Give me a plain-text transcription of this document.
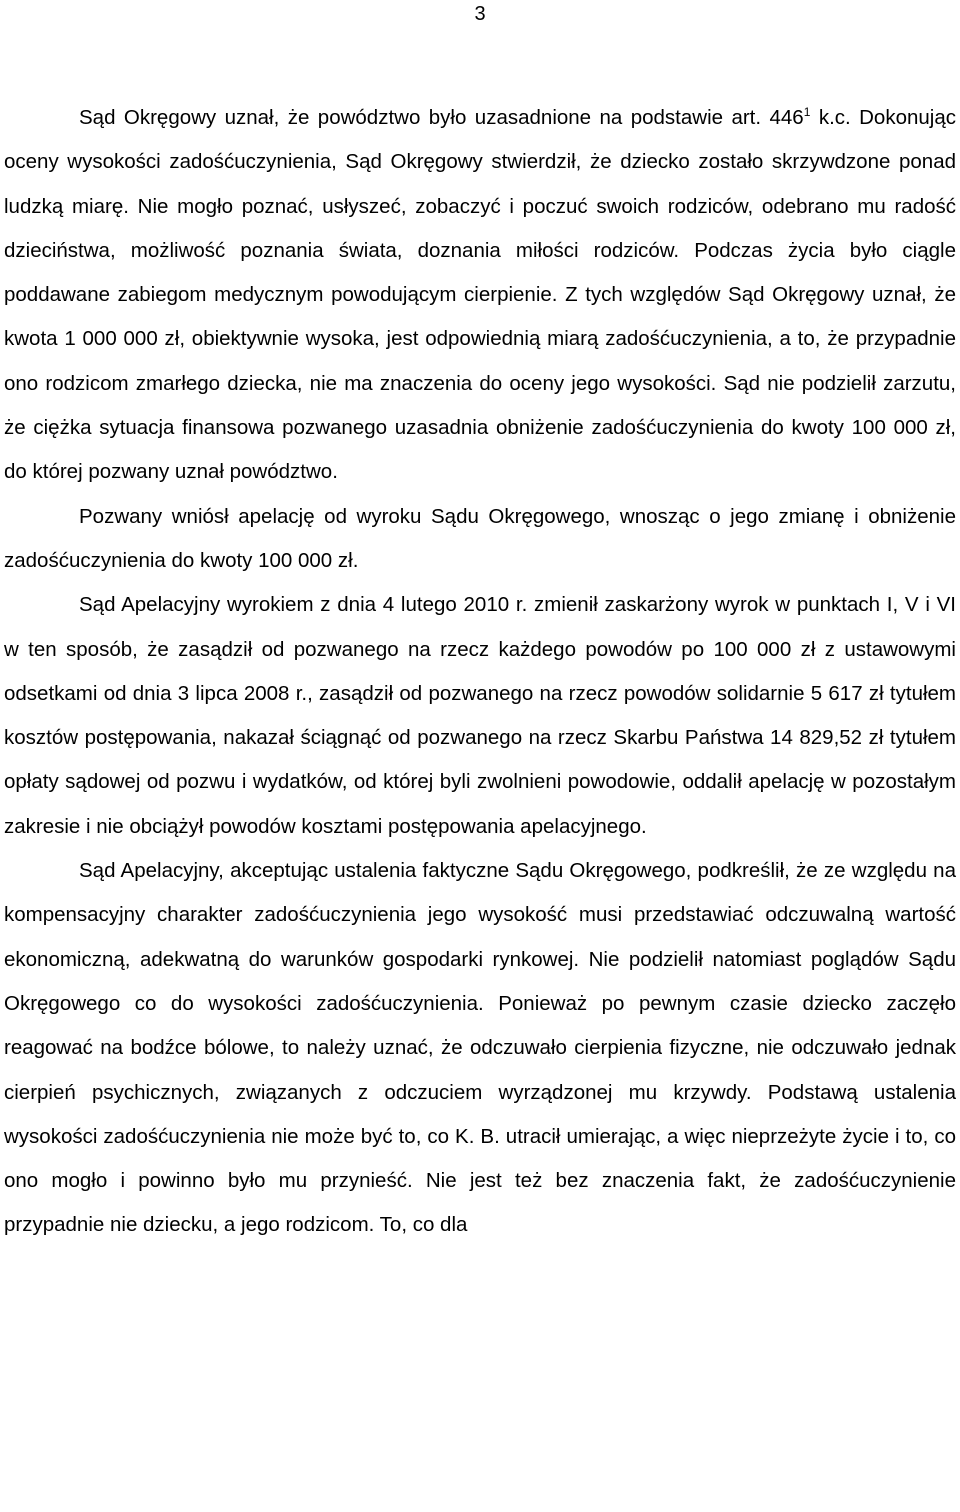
3

Sąd Okręgowy uznał, że powództwo było uzasadnione na podstawie art. $446^1$ k.c. Dokonując oceny wysokości zadośćuczynienia, Sąd Okręgowy stwierdził, że dziecko zostało skrzywdzone ponad ludzką miarę. Nie mogło poznać, usłyszeć, zobaczyć i poczuć swoich rodziców, odebrano mu radość dzieciństwa, możliwość poznania świata, doznania miłości rodziców. Podczas życia było ciągle poddawane zabiegom medycznym powodującym cierpienie. Z tych względów Sąd Okręgowy uznał, że kwota 1 000 000 zł, obiektywnie wysoka, jest odpowiednią miarą zadośćuczynienia, a to, że przypadnie ono rodzicom zmarłego dziecka, nie ma znaczenia do oceny jego wysokości. Sąd nie podzielił zarzutu, że ciężka sytuacja finansowa pozwanego uzasadnia obniżenie zadośćuczynienia do kwoty 100 000 zł, do której pozwany uznał powództwo.

Pozwany wniósł apelację od wyroku Sądu Okręgowego, wnosząc o jego zmianę i obniżenie zadośćuczynienia do kwoty 100 000 zł.

Sąd Apelacyjny wyrokiem z dnia 4 lutego 2010 r. zmienił zaskarżony wyrok w punktach I, V i VI w ten sposób, że zasądził od pozwanego na rzecz każdego powodów po 100 000 zł z ustawowymi odsetkami od dnia 3 lipca 2008 r., zasądził od pozwanego na rzecz powodów solidarnie 5 617 zł tytułem kosztów postępowania, nakazał ściągnąć od pozwanego na rzecz Skarbu Państwa 14 829,52 zł tytułem opłaty sądowej od pozwu i wydatków, od której byli zwolnieni powodowie, oddalił apelację w pozostałym zakresie i nie obciążył powodów kosztami postępowania apelacyjnego.

Sąd Apelacyjny, akceptując ustalenia faktyczne Sądu Okręgowego, podkreślił, że ze względu na kompensacyjny charakter zadośćuczynienia jego wysokość musi przedstawiać odczuwalną wartość ekonomiczną, adekwatną do warunków gospodarki rynkowej. Nie podzielił natomiast poglądów Sądu Okręgowego co do wysokości zadośćuczynienia. Ponieważ po pewnym czasie dziecko zaczęło reagować na bodźce bólowe, to należy uznać, że odczuwało cierpienia fizyczne, nie odczuwało jednak cierpień psychicznych, związanych z odczuciem wyrządzonej mu krzywdy. Podstawą ustalenia wysokości zadośćuczynienia nie może być to, co K. B. utracił umierając, a więc nieprzeżyte życie i to, co ono mogło i powinno było mu przynieść. Nie jest też bez znaczenia fakt, że zadośćuczynienie przypadnie nie dziecku, a jego rodzicom. To, co dla
